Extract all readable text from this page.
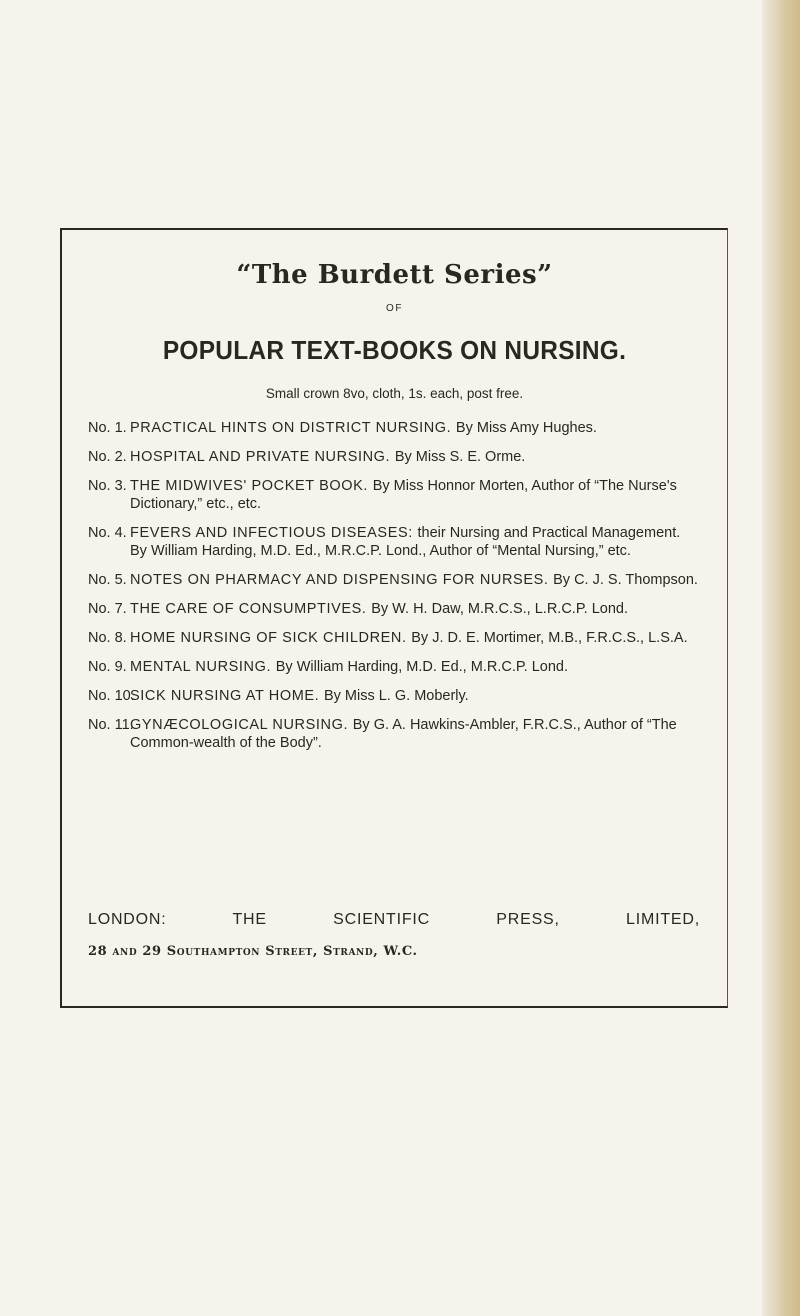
“The Burdett Series”
OF
POPULAR TEXT-BOOKS ON NURSING.
Small crown 8vo, cloth, 1s. each, post free.
No. 1. PRACTICAL HINTS ON DISTRICT NURSING. By Miss Amy Hughes.
No. 2. HOSPITAL AND PRIVATE NURSING. By Miss S. E. Orme.
No. 3. THE MIDWIVES' POCKET BOOK. By Miss Honnor Morten, Author of “The Nurse's Dictionary,” etc., etc.
No. 4. FEVERS AND INFECTIOUS DISEASES: their Nursing and Practical Management. By William Harding, M.D. Ed., M.R.C.P. Lond., Author of “Mental Nursing,” etc.
No. 5. NOTES ON PHARMACY AND DISPENSING FOR NURSES. By C. J. S. Thompson.
No. 7. THE CARE OF CONSUMPTIVES. By W. H. Daw, M.R.C.S., L.R.C.P. Lond.
No. 8. HOME NURSING OF SICK CHILDREN. By J. D. E. Mortimer, M.B., F.R.C.S., L.S.A.
No. 9. MENTAL NURSING. By William Harding, M.D. Ed., M.R.C.P. Lond.
No. 10.
SICK NURSING AT HOME. By Miss L. G. Moberly.
No. 11.
GYNÆCOLOGICAL NURSING. By G. A. Hawkins-Ambler, F.R.C.S., Author of “The Common-wealth of the Body”.
LONDON: THE SCIENTIFIC PRESS, LIMITED,
28 and 29 Southampton Street, Strand, W.C.
